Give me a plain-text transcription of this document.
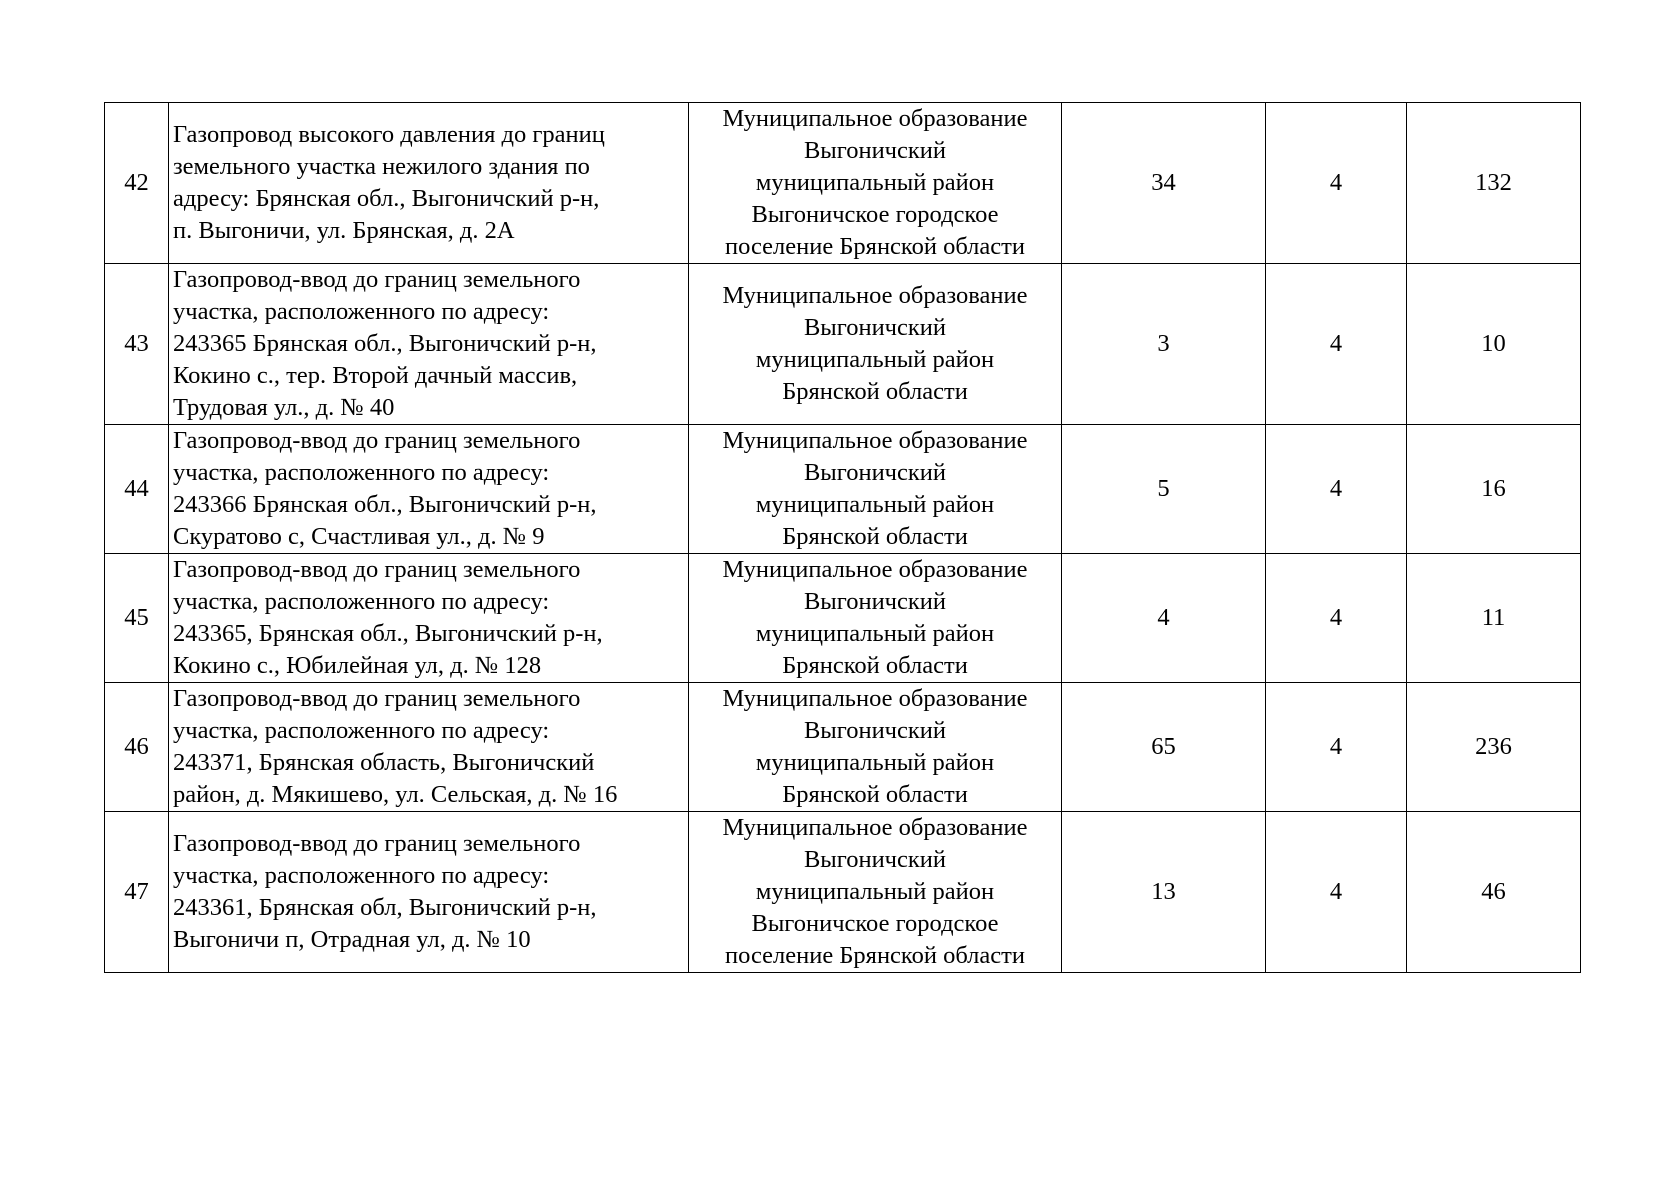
42	Газопровод высокого давления до границ
земельного участка нежилого здания по
адресу: Брянская обл., Выгоничский р-н,
п. Выгоничи, ул. Брянская, д. 2А	Муниципальное образование
Выгоничский
муниципальный район
Выгоничское городское
поселение Брянской области	34	4	132
43	Газопровод-ввод до границ земельного
участка, расположенного по адресу:
243365 Брянская обл., Выгоничский р-н,
Кокино с., тер. Второй дачный массив,
Трудовая ул., д. № 40	Муниципальное образование
Выгоничский
муниципальный район
Брянской области	3	4	10
44	Газопровод-ввод до границ земельного
участка, расположенного по адресу:
243366 Брянская обл., Выгоничский р-н,
Скуратово с, Счастливая ул., д. № 9	Муниципальное образование
Выгоничский
муниципальный район
Брянской области	5	4	16
45	Газопровод-ввод до границ земельного
участка, расположенного по адресу:
243365, Брянская обл., Выгоничский р-н,
Кокино с., Юбилейная ул, д. № 128	Муниципальное образование
Выгоничский
муниципальный район
Брянской области	4	4	11
46	Газопровод-ввод до границ земельного
участка, расположенного по адресу:
243371, Брянская область, Выгоничский
район, д. Мякишево, ул. Сельская, д. № 16	Муниципальное образование
Выгоничский
муниципальный район
Брянской области	65	4	236
47	Газопровод-ввод до границ земельного
участка, расположенного по адресу:
243361, Брянская обл, Выгоничский р-н,
Выгоничи п, Отрадная ул, д. № 10	Муниципальное образование
Выгоничский
муниципальный район
Выгоничское городское
поселение Брянской области	13	4	46
